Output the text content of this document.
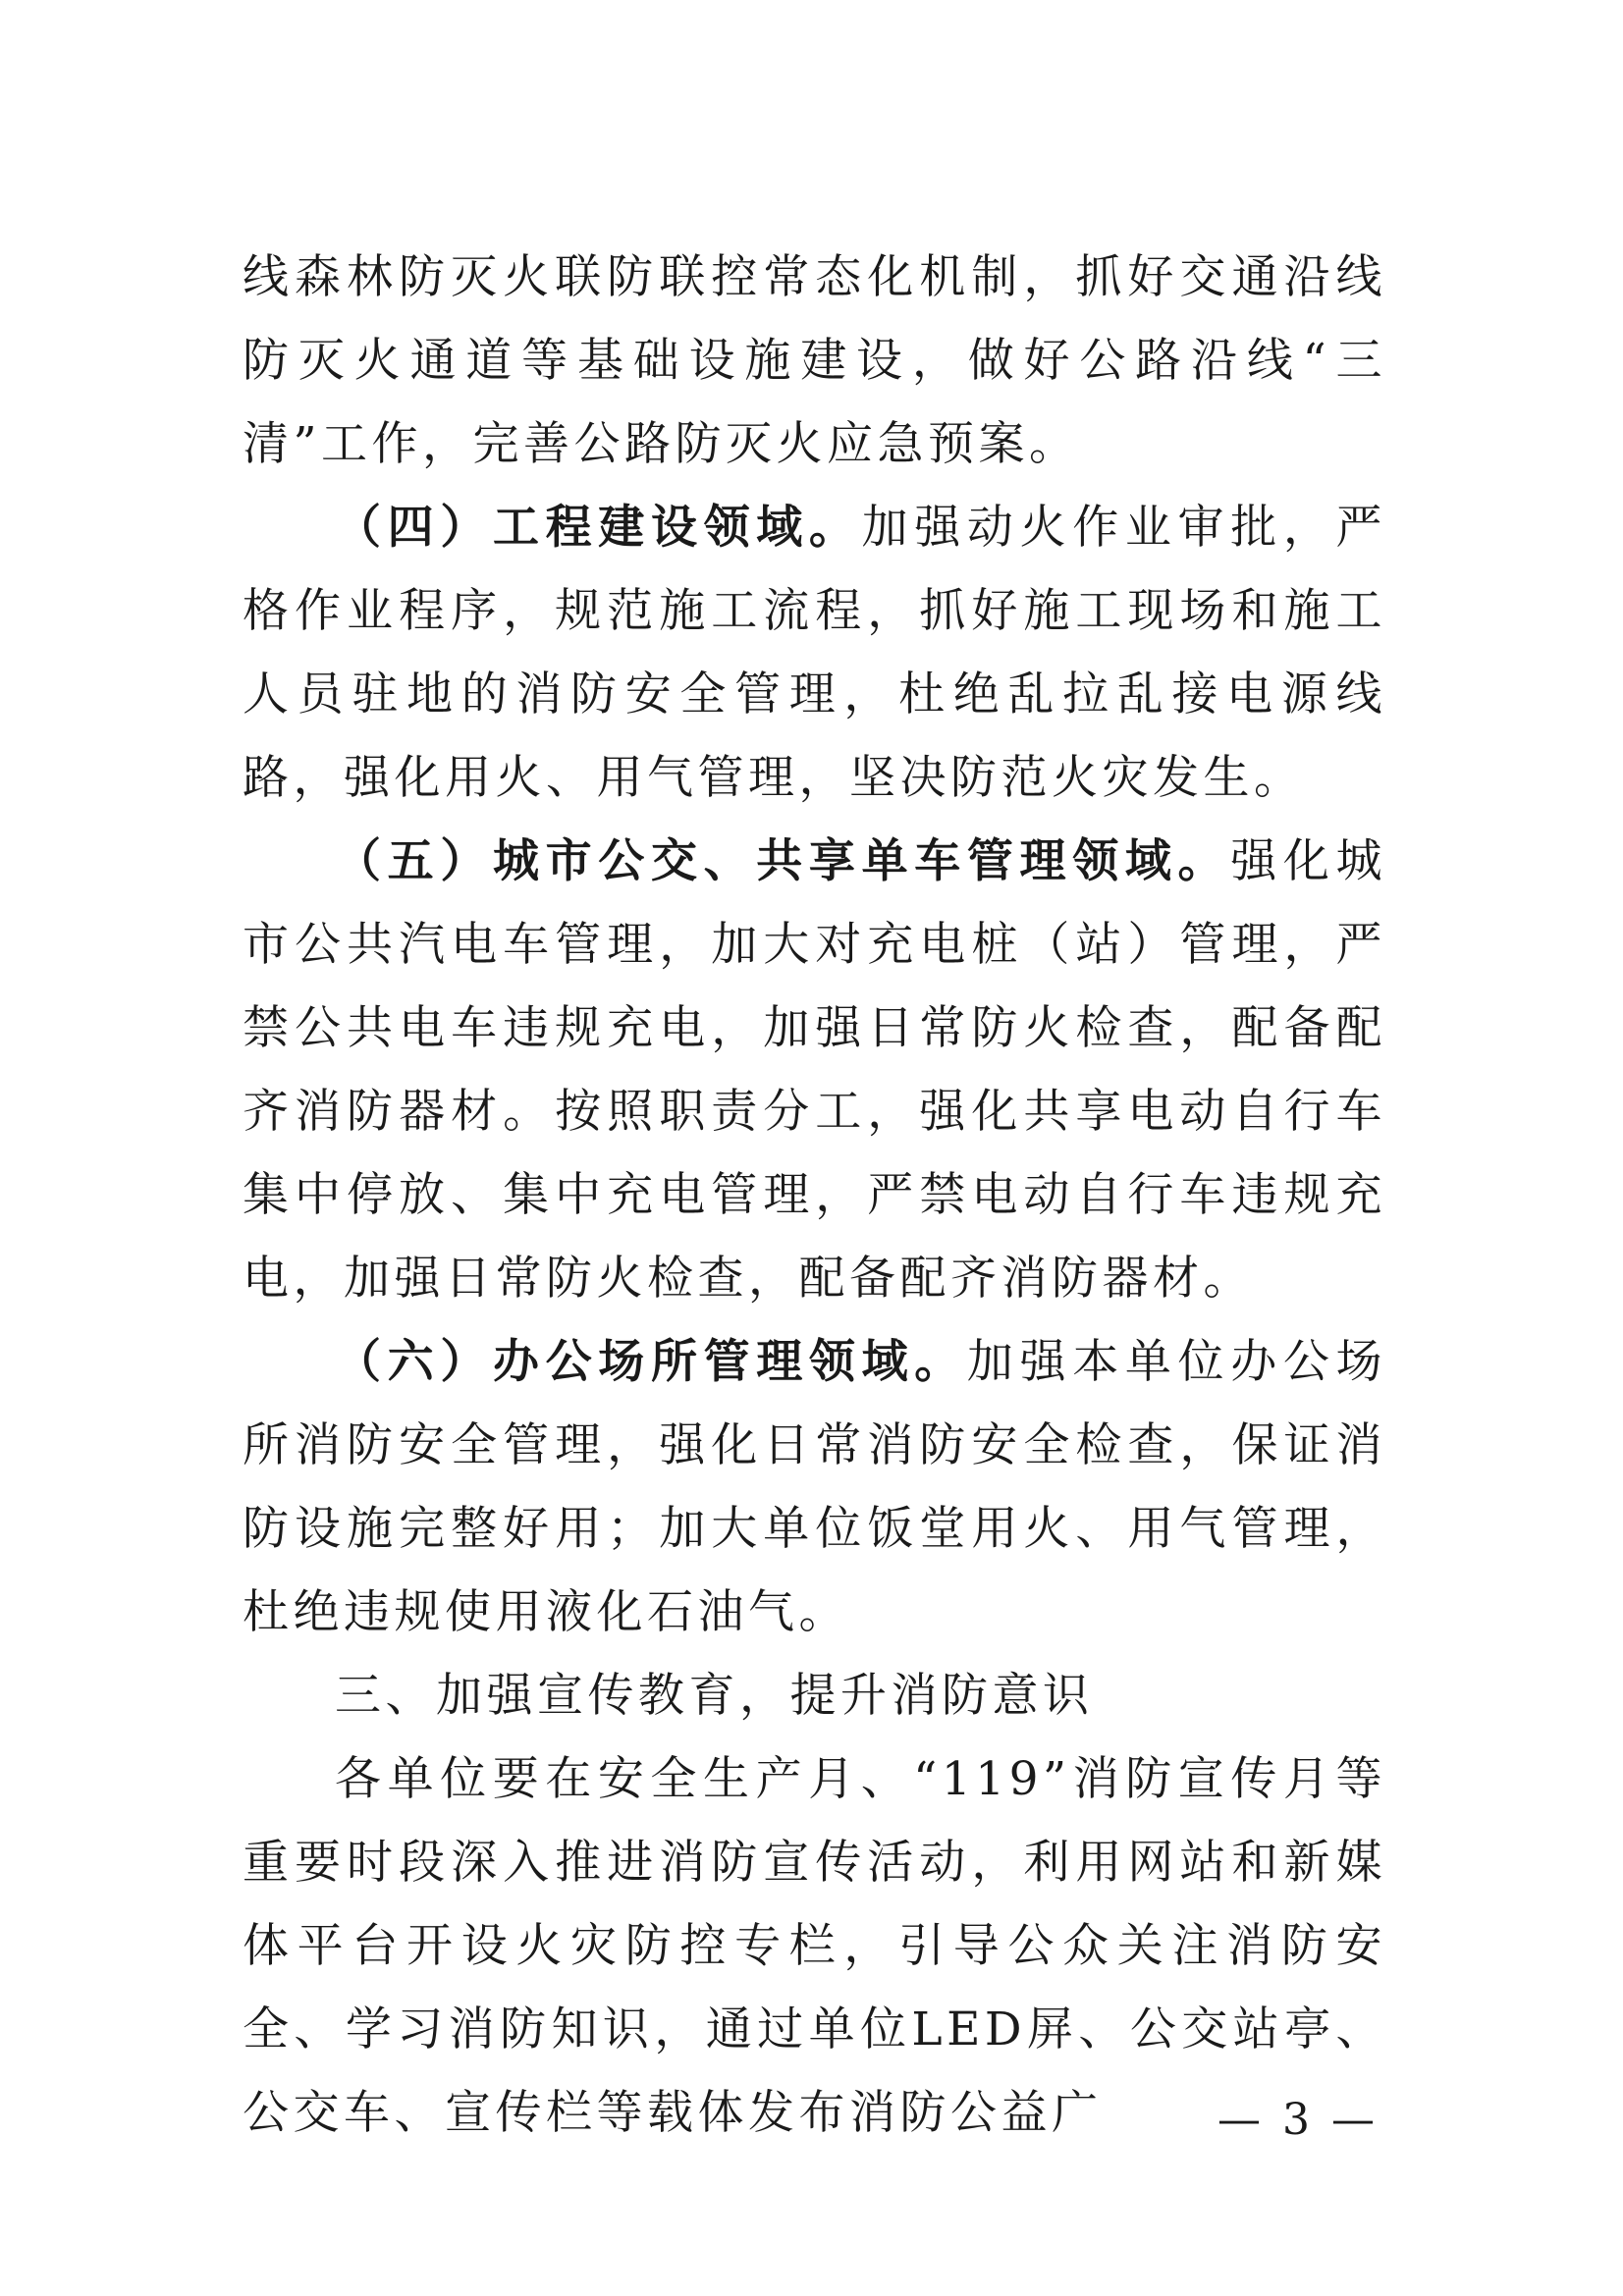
线森林防灭火联防联控常态化机制，抓好交通沿线防灭火通道等基础设施建设，做好公路沿线“三清”工作，完善公路防灭火应急预案。

（四）工程建设领域。加强动火作业审批，严格作业程序，规范施工流程，抓好施工现场和施工人员驻地的消防安全管理，杜绝乱拉乱接电源线路，强化用火、用气管理，坚决防范火灾发生。

（五）城市公交、共享单车管理领域。强化城市公共汽电车管理，加大对充电桩（站）管理，严禁公共电车违规充电，加强日常防火检查，配备配齐消防器材。按照职责分工，强化共享电动自行车集中停放、集中充电管理，严禁电动自行车违规充电，加强日常防火检查，配备配齐消防器材。

（六）办公场所管理领域。加强本单位办公场所消防安全管理，强化日常消防安全检查，保证消防设施完整好用；加大单位饭堂用火、用气管理，杜绝违规使用液化石油气。

三、加强宣传教育，提升消防意识

各单位要在安全生产月、“119”消防宣传月等重要时段深入推进消防宣传活动，利用网站和新媒体平台开设火灾防控专栏，引导公众关注消防安全、学习消防知识，通过单位LED屏、公交站亭、公交车、宣传栏等载体发布消防公益广	— 3 —
